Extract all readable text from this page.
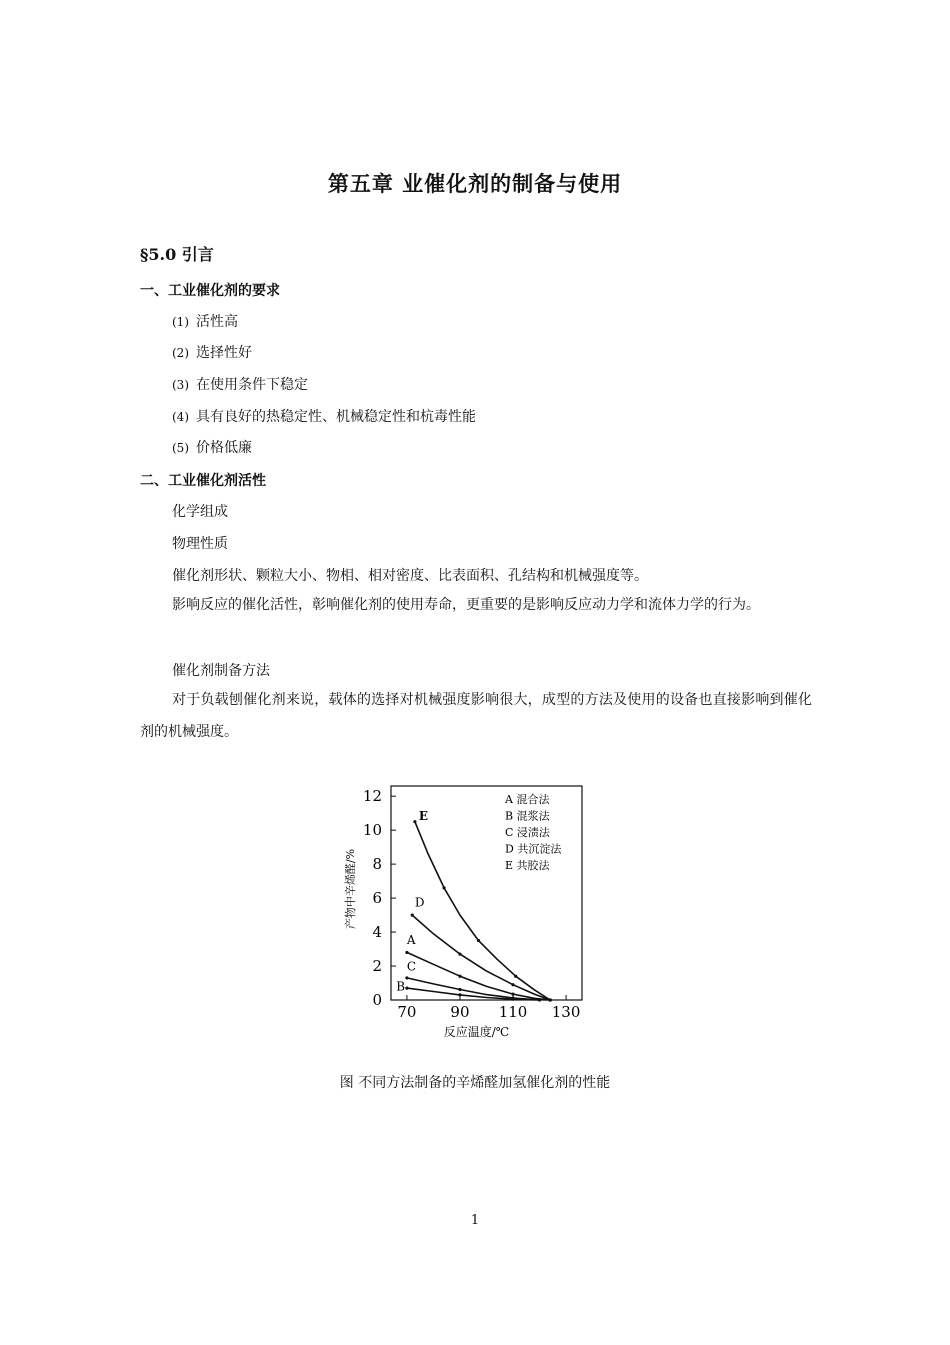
第五章 业催化剂的制备与使用
§5.0 引言
一、工业催化剂的要求
(1) 活性高
(2) 选择性好
(3) 在使用条件下稳定
(4) 具有良好的热稳定性、机械稳定性和杭毒性能
(5) 价格低廉
二、工业催化剂活性
化学组成
物理性质
催化剂形状、颗粒大小、物相、相对密度、比表面积、孔结构和机械强度等。
影响反应的催化活性，彰响催化剂的使用寿命，更重要的是影响反应动力学和流体力学的行为。
催化剂制备方法
对于负载刨催化剂来说，载体的选择对机械强度影响很大，成型的方法及使用的设备也直接影响到催化剂的机械强度。
0
2
4
6
8
10
12
70 90 110 130
反应温度/℃
产物中辛烯醛/%
E
D
A
C
B
A 混合法
B 混浆法
C 浸渍法
D 共沉淀法
E 共胶法
图 不同方法制备的辛烯醛加氢催化剂的性能
1
